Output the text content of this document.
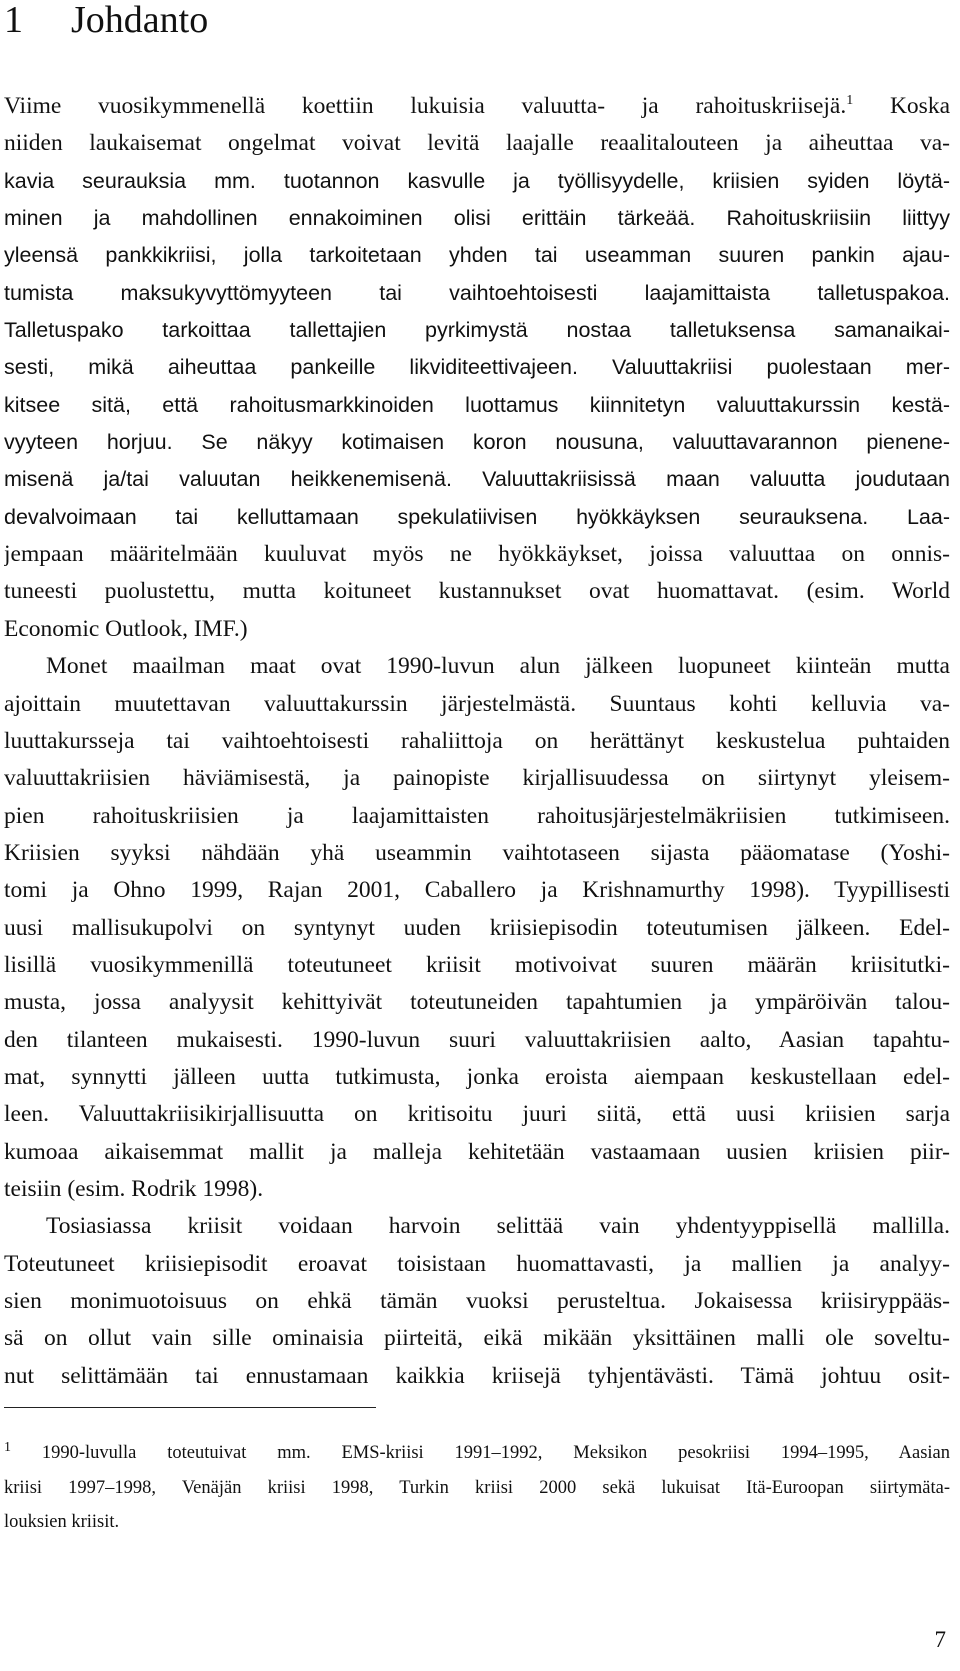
1 Johdanto
Viime vuosikymmenellä koettiin lukuisia valuutta- ja rahoituskriisejä.$^1$ Koska
niiden laukaisemat ongelmat voivat levitä laajalle reaalitalouteen ja aiheuttaa va-
kavia seurauksia mm. tuotannon kasvulle ja työllisyydelle, kriisien syiden löytä-
minen ja mahdollinen ennakoiminen olisi erittäin tärkeää. Rahoituskriisiin liittyy
yleensä pankkikriisi, jolla tarkoitetaan yhden tai useamman suuren pankin ajau-
tumista maksukyvyttömyyteen tai vaihtoehtoisesti laajamittaista talletuspakoa.
Talletuspako tarkoittaa tallettajien pyrkimystä nostaa talletuksensa samanaikai-
sesti, mikä aiheuttaa pankeille likviditeettivajeen. Valuuttakriisi puolestaan mer-
kitsee sitä, että rahoitusmarkkinoiden luottamus kiinnitetyn valuuttakurssin kestä-
vyyteen horjuu. Se näkyy kotimaisen koron nousuna, valuuttavarannon pienene-
misenä ja/tai valuutan heikkenemisenä. Valuuttakriisissä maan valuutta joudutaan
devalvoimaan tai kelluttamaan spekulatiivisen hyökkäyksen seurauksena. Laa-
jempaan määritelmään kuuluvat myös ne hyökkäykset, joissa valuuttaa on onnis-
tuneesti puolustettu, mutta koituneet kustannukset ovat huomattavat. (esim. World
Economic Outlook, IMF.)
Monet maailman maat ovat 1990-luvun alun jälkeen luopuneet kiinteän mutta
ajoittain muutettavan valuuttakurssin järjestelmästä. Suuntaus kohti kelluvia va-
luuttakursseja tai vaihtoehtoisesti rahaliittoja on herättänyt keskustelua puhtaiden
valuuttakriisien häviämisestä, ja painopiste kirjallisuudessa on siirtynyt yleisem-
pien rahoituskriisien ja laajamittaisten rahoitusjärjestelmäkriisien tutkimiseen.
Kriisien syyksi nähdään yhä useammin vaihtotaseen sijasta pääomatase (Yoshi-
tomi ja Ohno 1999, Rajan 2001, Caballero ja Krishnamurthy 1998). Tyypillisesti
uusi mallisukupolvi on syntynyt uuden kriisiepisodin toteutumisen jälkeen. Edel-
lisillä vuosikymmenillä toteutuneet kriisit motivoivat suuren määrän kriisitutki-
musta, jossa analyysit kehittyivät toteutuneiden tapahtumien ja ympäröivän talou-
den tilanteen mukaisesti. 1990-luvun suuri valuuttakriisien aalto, Aasian tapahtu-
mat, synnytti jälleen uutta tutkimusta, jonka eroista aiempaan keskustellaan edel-
leen. Valuuttakriisikirjallisuutta on kritisoitu juuri siitä, että uusi kriisien sarja
kumoaa aikaisemmat mallit ja malleja kehitetään vastaamaan uusien kriisien piir-
teisiin (esim. Rodrik 1998).
Tosiasiassa kriisit voidaan harvoin selittää vain yhdentyyppisellä mallilla.
Toteutuneet kriisiepisodit eroavat toisistaan huomattavasti, ja mallien ja analyy-
sien monimuotoisuus on ehkä tämän vuoksi perusteltua. Jokaisessa kriisiryppääs-
sä on ollut vain sille ominaisia piirteitä, eikä mikään yksittäinen malli ole soveltu-
nut selittämään tai ennustamaan kaikkia kriisejä tyhjentävästi. Tämä johtuu osit-
$^1$ 1990-luvulla toteutuivat mm. EMS-kriisi 1991–1992, Meksikon pesokriisi 1994–1995, Aasian
kriisi 1997–1998, Venäjän kriisi 1998, Turkin kriisi 2000 sekä lukuisat Itä-Euroopan siirtymäta-
louksien kriisit.
7
